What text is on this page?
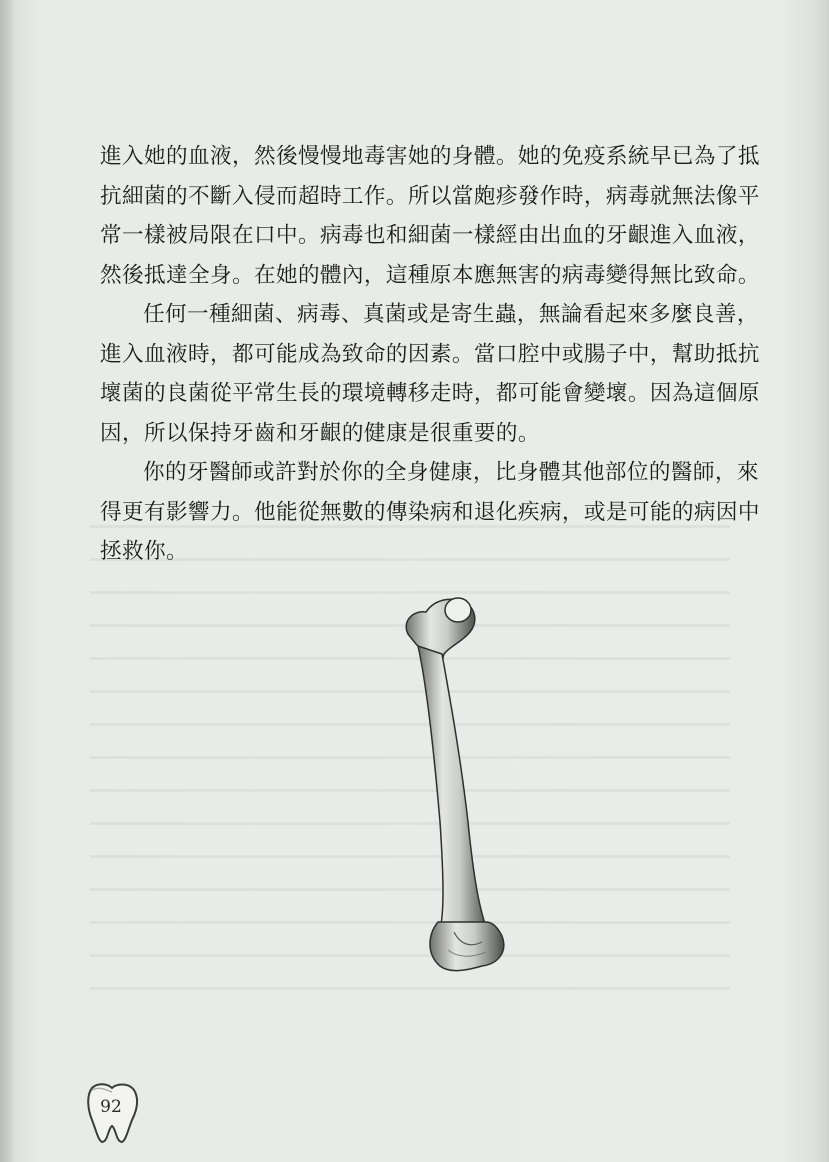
進入她的血液，然後慢慢地毒害她的身體。她的免疫系統早已為了抵
抗細菌的不斷入侵而超時工作。所以當皰疹發作時，病毒就無法像平
常一樣被局限在口中。病毒也和細菌一樣經由出血的牙齦進入血液，
然後抵達全身。在她的體內，這種原本應無害的病毒變得無比致命。

任何一種細菌、病毒、真菌或是寄生蟲，無論看起來多麼良善，
進入血液時，都可能成為致命的因素。當口腔中或腸子中，幫助抵抗
壞菌的良菌從平常生長的環境轉移走時，都可能會變壞。因為這個原
因，所以保持牙齒和牙齦的健康是很重要的。

你的牙醫師或許對於你的全身健康，比身體其他部位的醫師，來
得更有影響力。他能從無數的傳染病和退化疾病，或是可能的病因中
拯救你。

92
